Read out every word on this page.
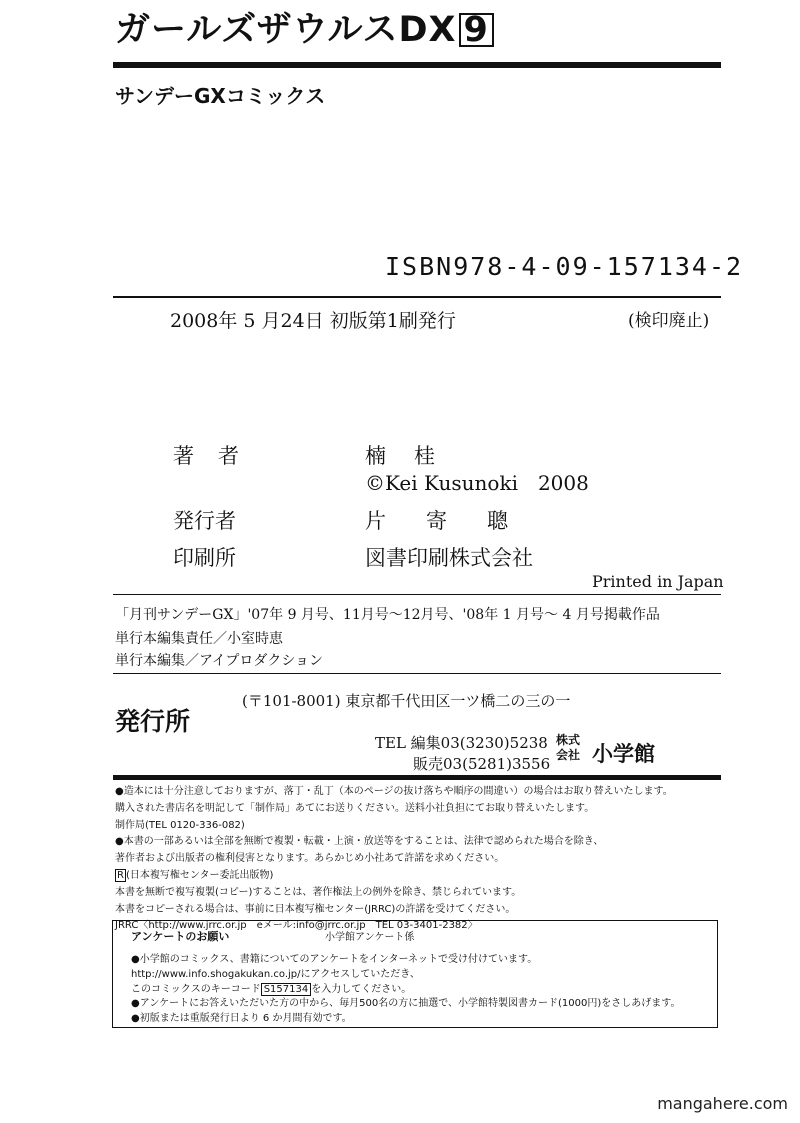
ガールズザウルスDX 9
サンデーGXコミックス
ISBN978-4-09-157134-2
2008年 5 月24日 初版第1刷発行	(検印廃止)
著者	楠桂
©Kei Kusunoki　2008
発行者	片寄聰
印刷所	図書印刷株式会社
Printed in Japan
「月刊サンデーGX」'07年 9 月号、11月号〜12月号、'08年 1 月号〜 4 月号掲載作品
単行本編集責任／小室時恵
単行本編集／アイプロダクション
発行所
(〒101-8001) 東京都千代田区一ツ橋二の三の一
TEL 編集03(3230)5238
販売03(5281)3556
株式
会社 小学館
●造本には十分注意しておりますが、落丁・乱丁（本のページの抜け落ちや順序の間違い）の場合はお取り替えいたします。
購入された書店名を明記して「制作局」あてにお送りください。送料小社負担にてお取り替えいたします。
制作局(TEL 0120-336-082)
●本書の一部あるいは全部を無断で複製・転載・上演・放送等をすることは、法律で認められた場合を除き、
著作者および出版者の権利侵害となります。あらかじめ小社あて許諾を求めください。
R (日本複写権センター委託出版物)
本書を無断で複写複製(コピー)することは、著作権法上の例外を除き、禁じられています。
本書をコピーされる場合は、事前に日本複写権センター(JRRC)の許諾を受けてください。
JRRC〈http://www.jrrc.or.jp　eメール:info@jrrc.or.jp　TEL 03-3401-2382〉
アンケートのお願い	小学館アンケート係
●小学館のコミックス、書籍についてのアンケートをインターネットで受け付けています。
http://www.info.shogakukan.co.jp/にアクセスしていただき、
このコミックスのキーコード S157134 を入力してください。
●アンケートにお答えいただいた方の中から、毎月500名の方に抽選で、小学館特製図書カード(1000円)をさしあげます。
●初版または重版発行日より 6 か月間有効です。
mangahere.com
